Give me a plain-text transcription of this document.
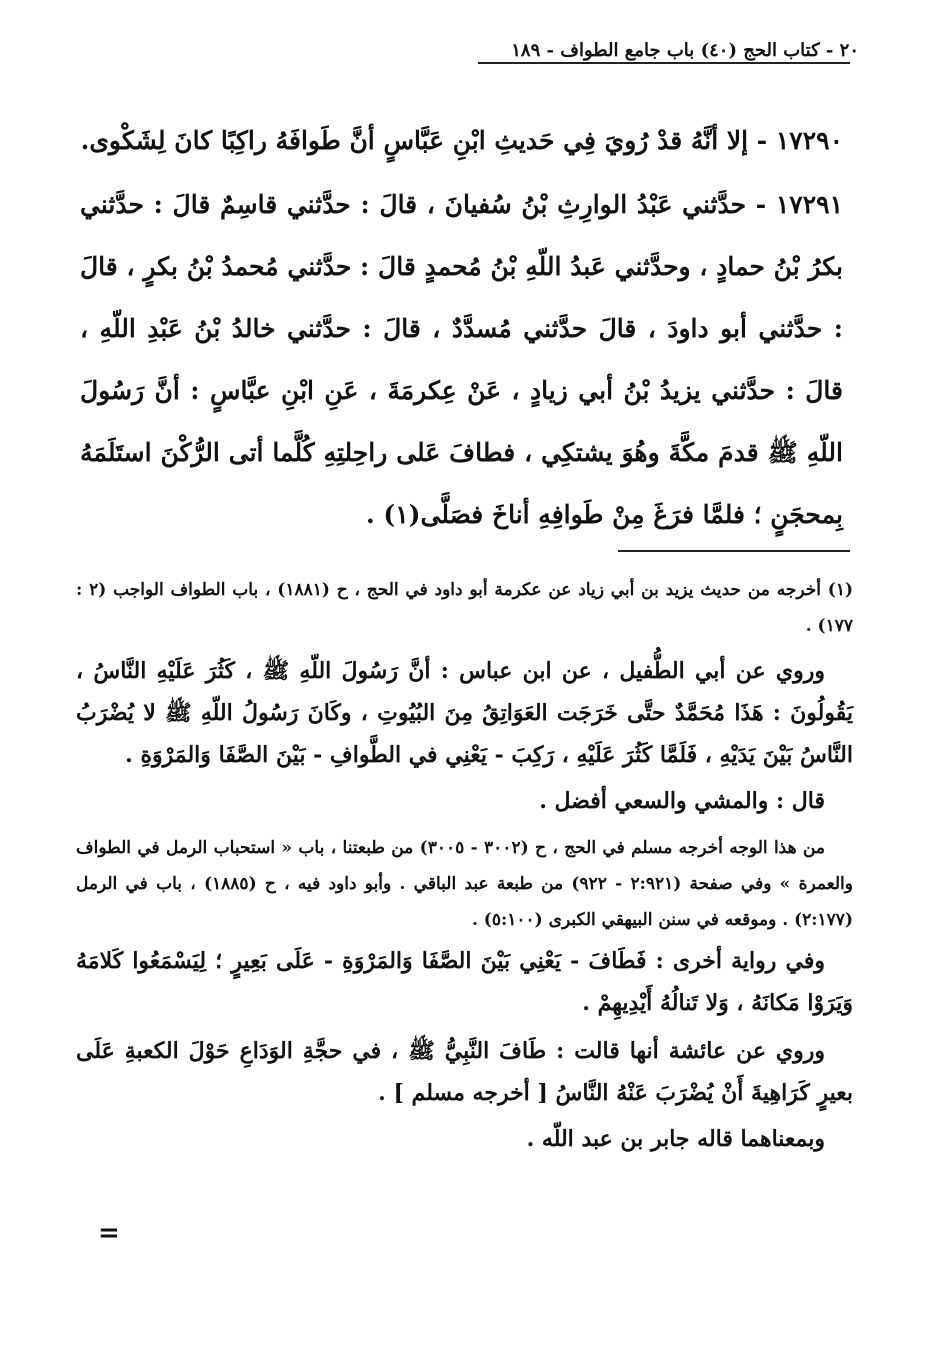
٢٠ - كتاب الحج (٤٠) باب جامع الطواف - ١٨٩

١٧٢٩٠ - إلا أنَّهُ قدْ رُويَ فِي حَديثِ ابْنِ عَبَّاسٍ أنَّ طَوافَهُ راكِبًا كانَ لِشَكْوى.

١٧٢٩١ - حدَّثني عَبْدُ الوارِثِ بْنُ سُفيانَ ، قالَ : حدَّثني قاسِمٌ قالَ : حدَّثني بكرُ بْنُ حمادٍ ، وحدَّثني عَبدُ اللّهِ بْنُ مُحمدٍ قالَ : حدَّثني مُحمدُ بْنُ بكرٍ ، قالَ : حدَّثني أبو داودَ ، قالَ حدَّثني مُسدَّدٌ ، قالَ : حدَّثني خالدُ بْنُ عَبْدِ اللّهِ ، قالَ : حدَّثني يزيدُ بْنُ أبي زيادٍ ، عَنْ عِكرمَةَ ، عَنِ ابْنِ عبَّاسٍ : أنَّ رَسُولَ اللّهِ ﷺ قدمَ مكَّةَ وهُوَ يشتكِي ، فطافَ عَلى راحِلتِهِ كُلَّما أتى الرُّكْنَ استَلَمَهُ بِمحجَنٍ ؛ فلمَّا فرَغَ مِنْ طَوافِهِ أناخَ فصَلَّى(١) .

(١) أخرجه من حديث يزيد بن أبي زياد عن عكرمة أبو داود في الحج ، ح (١٨٨١) ، باب الطواف الواجب (٢ : ١٧٧) .

وروي عن أبي الطُّفيل ، عن ابن عباس : أنَّ رَسُولَ اللّهِ ﷺ ، كَثُرَ عَلَيْهِ النَّاسُ ، يَقُولُونَ : هَذَا مُحَمَّدٌ حتَّى خَرَجَت العَوَاتِقُ مِنَ البُيُوتِ ، وكَانَ رَسُولُ اللّهِ ﷺ لا يُضْرَبُ النَّاسُ بَيْنَ يَدَيْهِ ، فَلَمَّا كَثُرَ عَلَيْهِ ، رَكِبَ - يَعْنِي في الطَّوافِ - بَيْنَ الصَّفَا وَالمَرْوَةِ .

قال : والمشي والسعي أفضل .

من هذا الوجه أخرجه مسلم في الحج ، ح (٣٠٠٢ - ٣٠٠٥) من طبعتنا ، باب « استحباب الرمل في الطواف والعمرة » وفي صفحة (٢:٩٢١ - ٩٢٢) من طبعة عبد الباقي . وأبو داود فيه ، ح (١٨٨٥) ، باب في الرمل (٢:١٧٧) . وموقعه في سنن البيهقي الكبرى (٥:١٠٠) .

وفي رواية أخرى : فَطَافَ - يَعْنِي بَيْنَ الصَّفَا وَالمَرْوَةِ - عَلَى بَعِيرٍ ؛ لِيَسْمَعُوا كَلامَهُ وَيَرَوْا مَكانَهُ ، وَلا تَنالُهُ أَيْدِيهِمْ .

وروي عن عائشة أنها قالت : طَافَ النَّبِيُّ ﷺ ، في حجَّةِ الوَدَاعِ حَوْلَ الكعبةِ عَلَى بعيرٍ كَرَاهِيةَ أَنْ يُضْرَبَ عَنْهُ النَّاسُ [ أخرجه مسلم ] .

وبمعناهما قاله جابر بن عبد اللّه .

=
